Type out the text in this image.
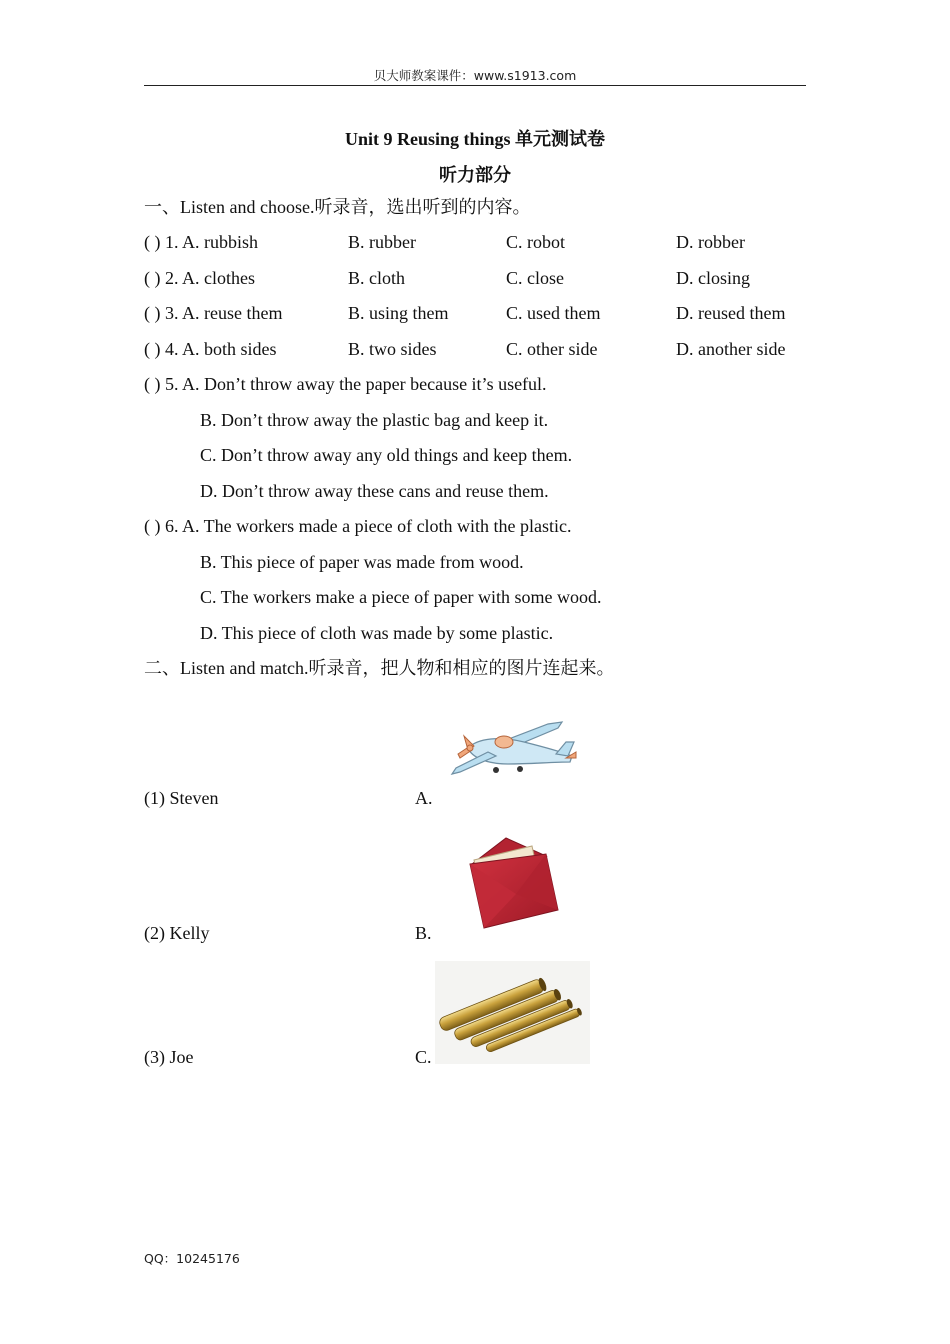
贝大师教案课件：www.s1913.com
Unit 9 Reusing things 单元测试卷
听力部分
一、Listen and choose.听录音，选出听到的内容。
( ) 1. A. rubbish	B. rubber	C. robot	D. robber
( ) 2. A. clothes	B. cloth	C. close	D. closing
( ) 3. A. reuse them	B. using them	C. used them	D. reused them
( ) 4. A. both sides	B. two sides	C. other side	D. another side
( ) 5. A. Don’t throw away the paper because it’s useful.
B. Don’t throw away the plastic bag and keep it.
C. Don’t throw away any old things and keep them.
D. Don’t throw away these cans and reuse them.
( ) 6. A. The workers made a piece of cloth with the plastic.
B. This piece of paper was made from wood.
C. The workers make a piece of paper with some wood.
D. This piece of cloth was made by some plastic.
二、Listen and match.听录音，把人物和相应的图片连起来。
(1) Steven	A.
(2) Kelly	B.
(3) Joe	C.
QQ：10245176
